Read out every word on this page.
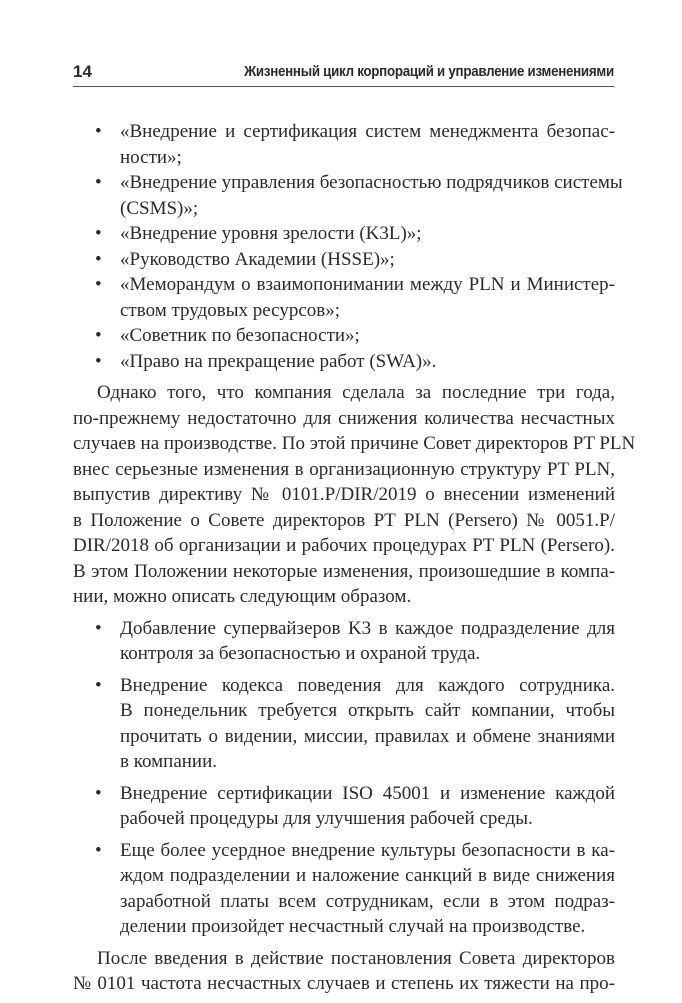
14	Жизненный цикл корпораций и управление изменениями
• «Внедрение и сертификация систем менеджмента безопас-
ности»;
• «Внедрение управления безопасностью подрядчиков системы
(CSMS)»;
• «Внедрение уровня зрелости (K3L)»;
• «Руководство Академии (HSSE)»;
• «Меморандум о взаимопонимании между PLN и Министер-
ством трудовых ресурсов»;
• «Советник по безопасности»;
• «Право на прекращение работ (SWA)».
Однако того, что компания сделала за последние три года,
по-прежнему недостаточно для снижения количества несчастных
случаев на производстве. По этой причине Совет директоров PT PLN
внес серьезные изменения в организационную структуру PT PLN,
выпустив директиву № 0101.P/DIR/2019 о внесении изменений
в Положение о Совете директоров PT PLN (Persero) № 0051.P/
DIR/2018 об организации и рабочих процедурах PT PLN (Persero).
В этом Положении некоторые изменения, произошедшие в компа-
нии, можно описать следующим образом.
• Добавление супервайзеров K3 в каждое подразделение для
контроля за безопасностью и охраной труда.
• Внедрение кодекса поведения для каждого сотрудника.
В понедельник требуется открыть сайт компании, чтобы
прочитать о видении, миссии, правилах и обмене знаниями
в компании.
• Внедрение сертификации ISO 45001 и изменение каждой
рабочей процедуры для улучшения рабочей среды.
• Еще более усердное внедрение культуры безопасности в ка-
ждом подразделении и наложение санкций в виде снижения
заработной платы всем сотрудникам, если в этом подраз-
делении произойдет несчастный случай на производстве.
После введения в действие постановления Совета директоров
№ 0101 частота несчастных случаев и степень их тяжести на про-
